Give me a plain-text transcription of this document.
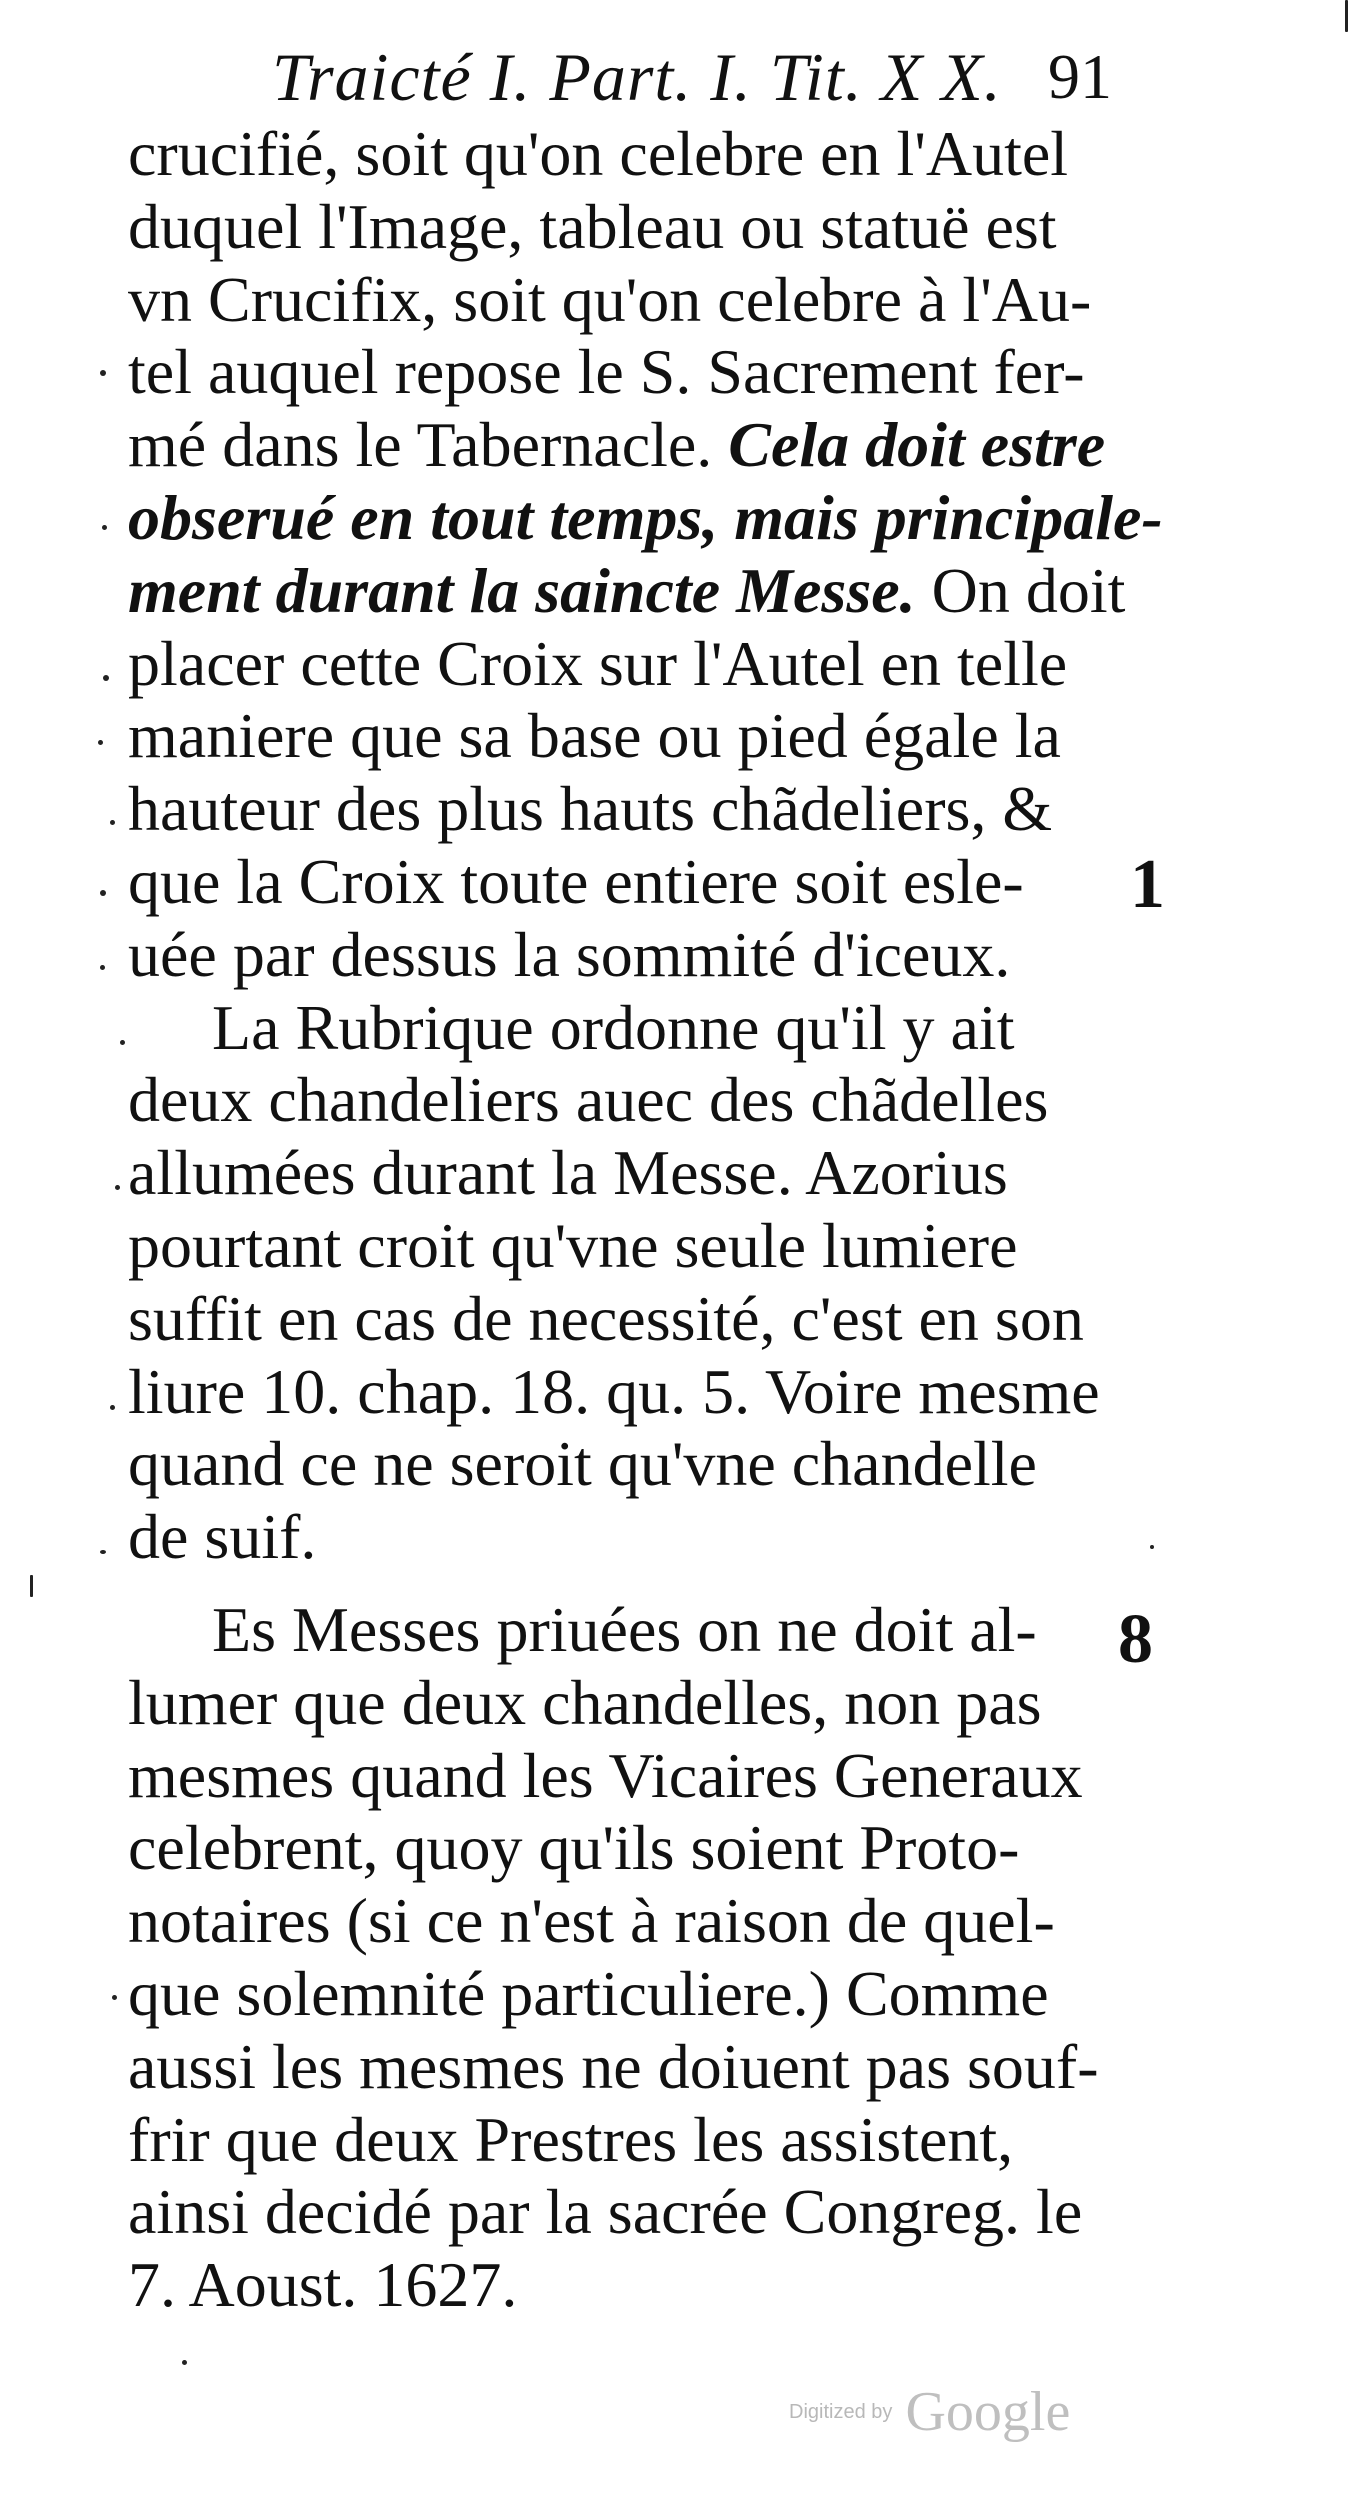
Traicté I. Part. I. Tit. X X. 91
crucifié, soit qu'on celebre en l'Autel
duquel l'Image, tableau ou statuë est
vn Crucifix, soit qu'on celebre à l'Au-
tel auquel repose le S. Sacrement fer-
mé dans le Tabernacle. Cela doit estre
obserué en tout temps, mais principale-
ment durant la saincte Messe. On doit
placer cette Croix sur l'Autel en telle
maniere que sa base ou pied égale la
hauteur des plus hauts chãdeliers, &
que la Croix toute entiere soit esle-
uée par dessus la sommité d'iceux.
La Rubrique ordonne qu'il y ait
deux chandeliers auec des chãdelles
allumées durant la Messe. Azorius
pourtant croit qu'vne seule lumiere
suffit en cas de necessité, c'est en son
liure 10. chap. 18. qu. 5. Voire mesme
quand ce ne seroit qu'vne chandelle
de suif.
Es Messes priuées on ne doit al-
lumer que deux chandelles, non pas
mesmes quand les Vicaires Generaux
celebrent, quoy qu'ils soient Proto-
notaires (si ce n'est à raison de quel-
que solemnité particuliere.) Comme
aussi les mesmes ne doiuent pas souf-
frir que deux Prestres les assistent,
ainsi decidé par la sacrée Congreg. le
7. Aoust. 1627.
1
8
Digitized by Google
